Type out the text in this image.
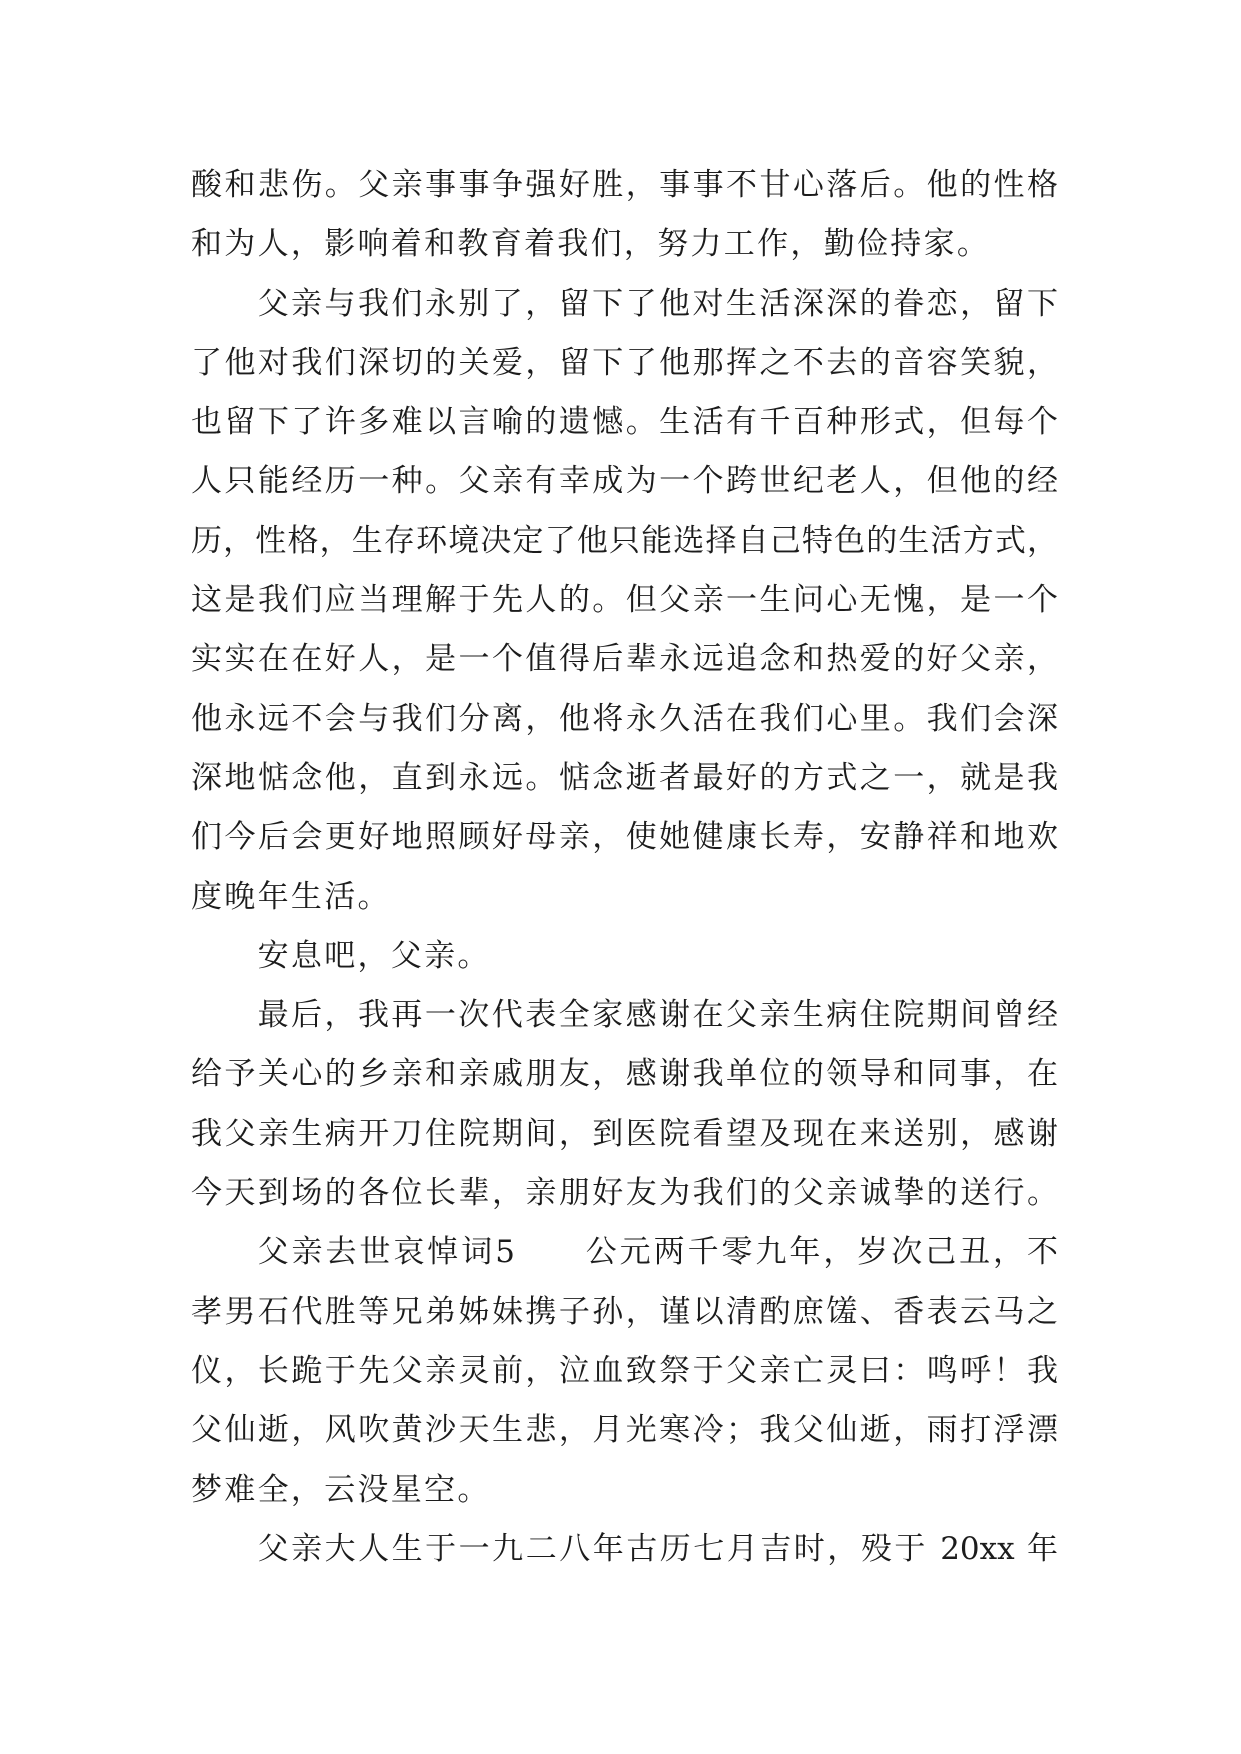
酸和悲伤。父亲事事争强好胜，事事不甘心落后。他的性格
和为人，影响着和教育着我们，努力工作，勤俭持家。
父亲与我们永别了，留下了他对生活深深的眷恋，留下
了他对我们深切的关爱，留下了他那挥之不去的音容笑貌，
也留下了许多难以言喻的遗憾。生活有千百种形式，但每个
人只能经历一种。父亲有幸成为一个跨世纪老人，但他的经
历，性格，生存环境决定了他只能选择自己特色的生活方式，
这是我们应当理解于先人的。但父亲一生问心无愧，是一个
实实在在好人，是一个值得后辈永远追念和热爱的好父亲，
他永远不会与我们分离，他将永久活在我们心里。我们会深
深地惦念他，直到永远。惦念逝者最好的方式之一，就是我
们今后会更好地照顾好母亲，使她健康长寿，安静祥和地欢
度晚年生活。
安息吧，父亲。
最后，我再一次代表全家感谢在父亲生病住院期间曾经
给予关心的乡亲和亲戚朋友，感谢我单位的领导和同事，在
我父亲生病开刀住院期间，到医院看望及现在来送别，感谢
今天到场的各位长辈，亲朋好友为我们的父亲诚挚的送行。
父亲去世哀悼词5　　公元两千零九年，岁次己丑，不
孝男石代胜等兄弟姊妹携子孙，谨以清酌庶馐、香表云马之
仪，长跪于先父亲灵前，泣血致祭于父亲亡灵曰：鸣呼！我
父仙逝，风吹黄沙天生悲，月光寒冷；我父仙逝，雨打浮漂
梦难全，云没星空。
父亲大人生于一九二八年古历七月吉时，殁于 20xx 年
